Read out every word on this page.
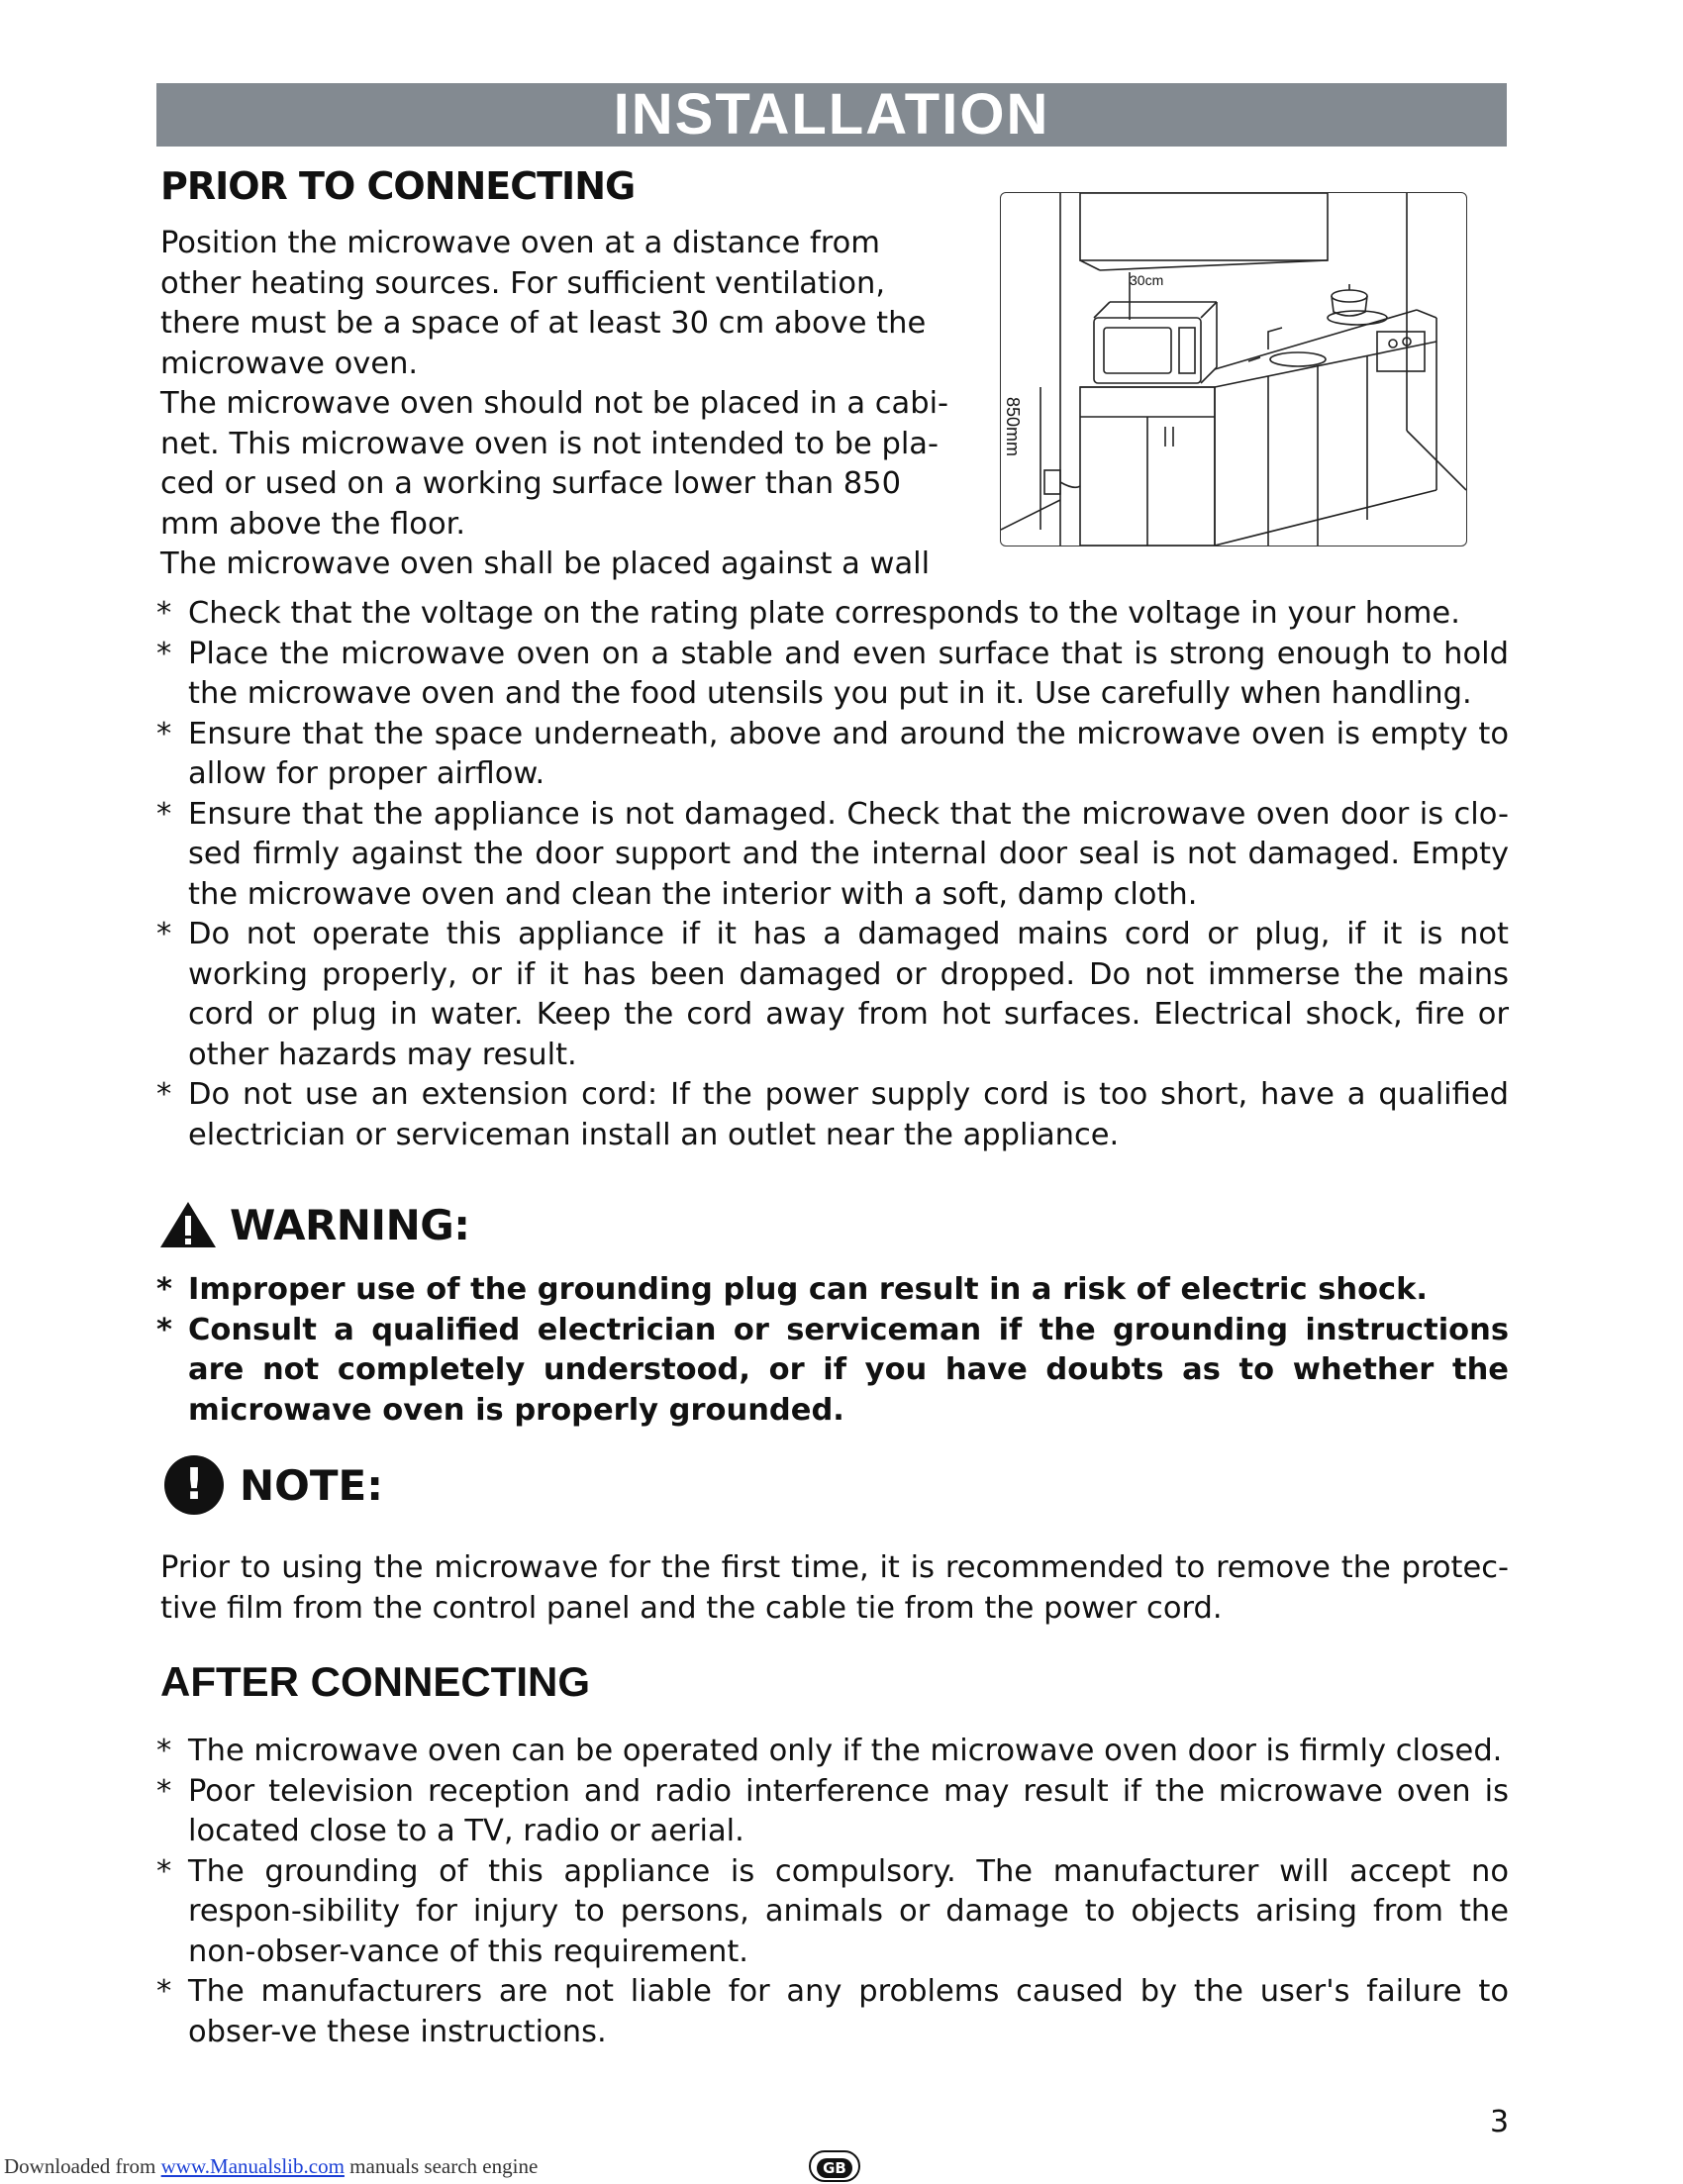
INSTALLATION
PRIOR TO CONNECTING

Position the microwave oven at a distance from

other heating sources. For sufficient ventilation,

there must be a space of at least 30 cm above the

microwave oven.

The microwave oven should not be placed in a cabi-

net. This microwave oven is not intended to be pla-

ced or used on a working surface lower than 850

mm above the floor.

The microwave oven shall be placed against a wall

30cm
850mm
* Check that the voltage on the rating plate corresponds to the voltage in your home.
* Place the microwave oven on a stable and even surface that is strong enough to hold the microwave oven and the food utensils you put in it. Use carefully when handling.
* Ensure that the space underneath, above and around the microwave oven is empty to allow for proper airflow.
* Ensure that the appliance is not damaged. Check that the microwave oven door is clo-sed firmly against the door support and the internal door seal is not damaged. Empty the microwave oven and clean the interior with a soft, damp cloth.
* Do not operate this appliance if it has a damaged mains cord or plug, if it is not working properly, or if it has been damaged or dropped. Do not immerse the mains cord or plug in water. Keep the cord away from hot surfaces. Electrical shock, fire or other hazards may result.
* Do not use an extension cord: If the power supply cord is too short, have a qualified electrician or serviceman install an outlet near the appliance.
WARNING:
* Improper use of the grounding plug can result in a risk of electric shock.
* Consult a qualified electrician or serviceman if the grounding instructions are not completely understood, or if you have doubts as to whether the microwave oven is properly grounded.
! NOTE:

Prior to using the microwave for the first time, it is recommended to remove the protec-tive film from the control panel and the cable tie from the power cord.

AFTER CONNECTING
* The microwave oven can be operated only if the microwave oven door is firmly closed.
* Poor television reception and radio interference may result if the microwave oven is located close to a TV, radio or aerial.
* The grounding of this appliance is compulsory. The manufacturer will accept no respon-sibility for injury to persons, animals or damage to objects arising from the non-obser-vance of this requirement.
* The manufacturers are not liable for any problems caused by the user's failure to obser-ve these instructions.
GB
3
Downloaded from www.Manualslib.com manuals search engine
